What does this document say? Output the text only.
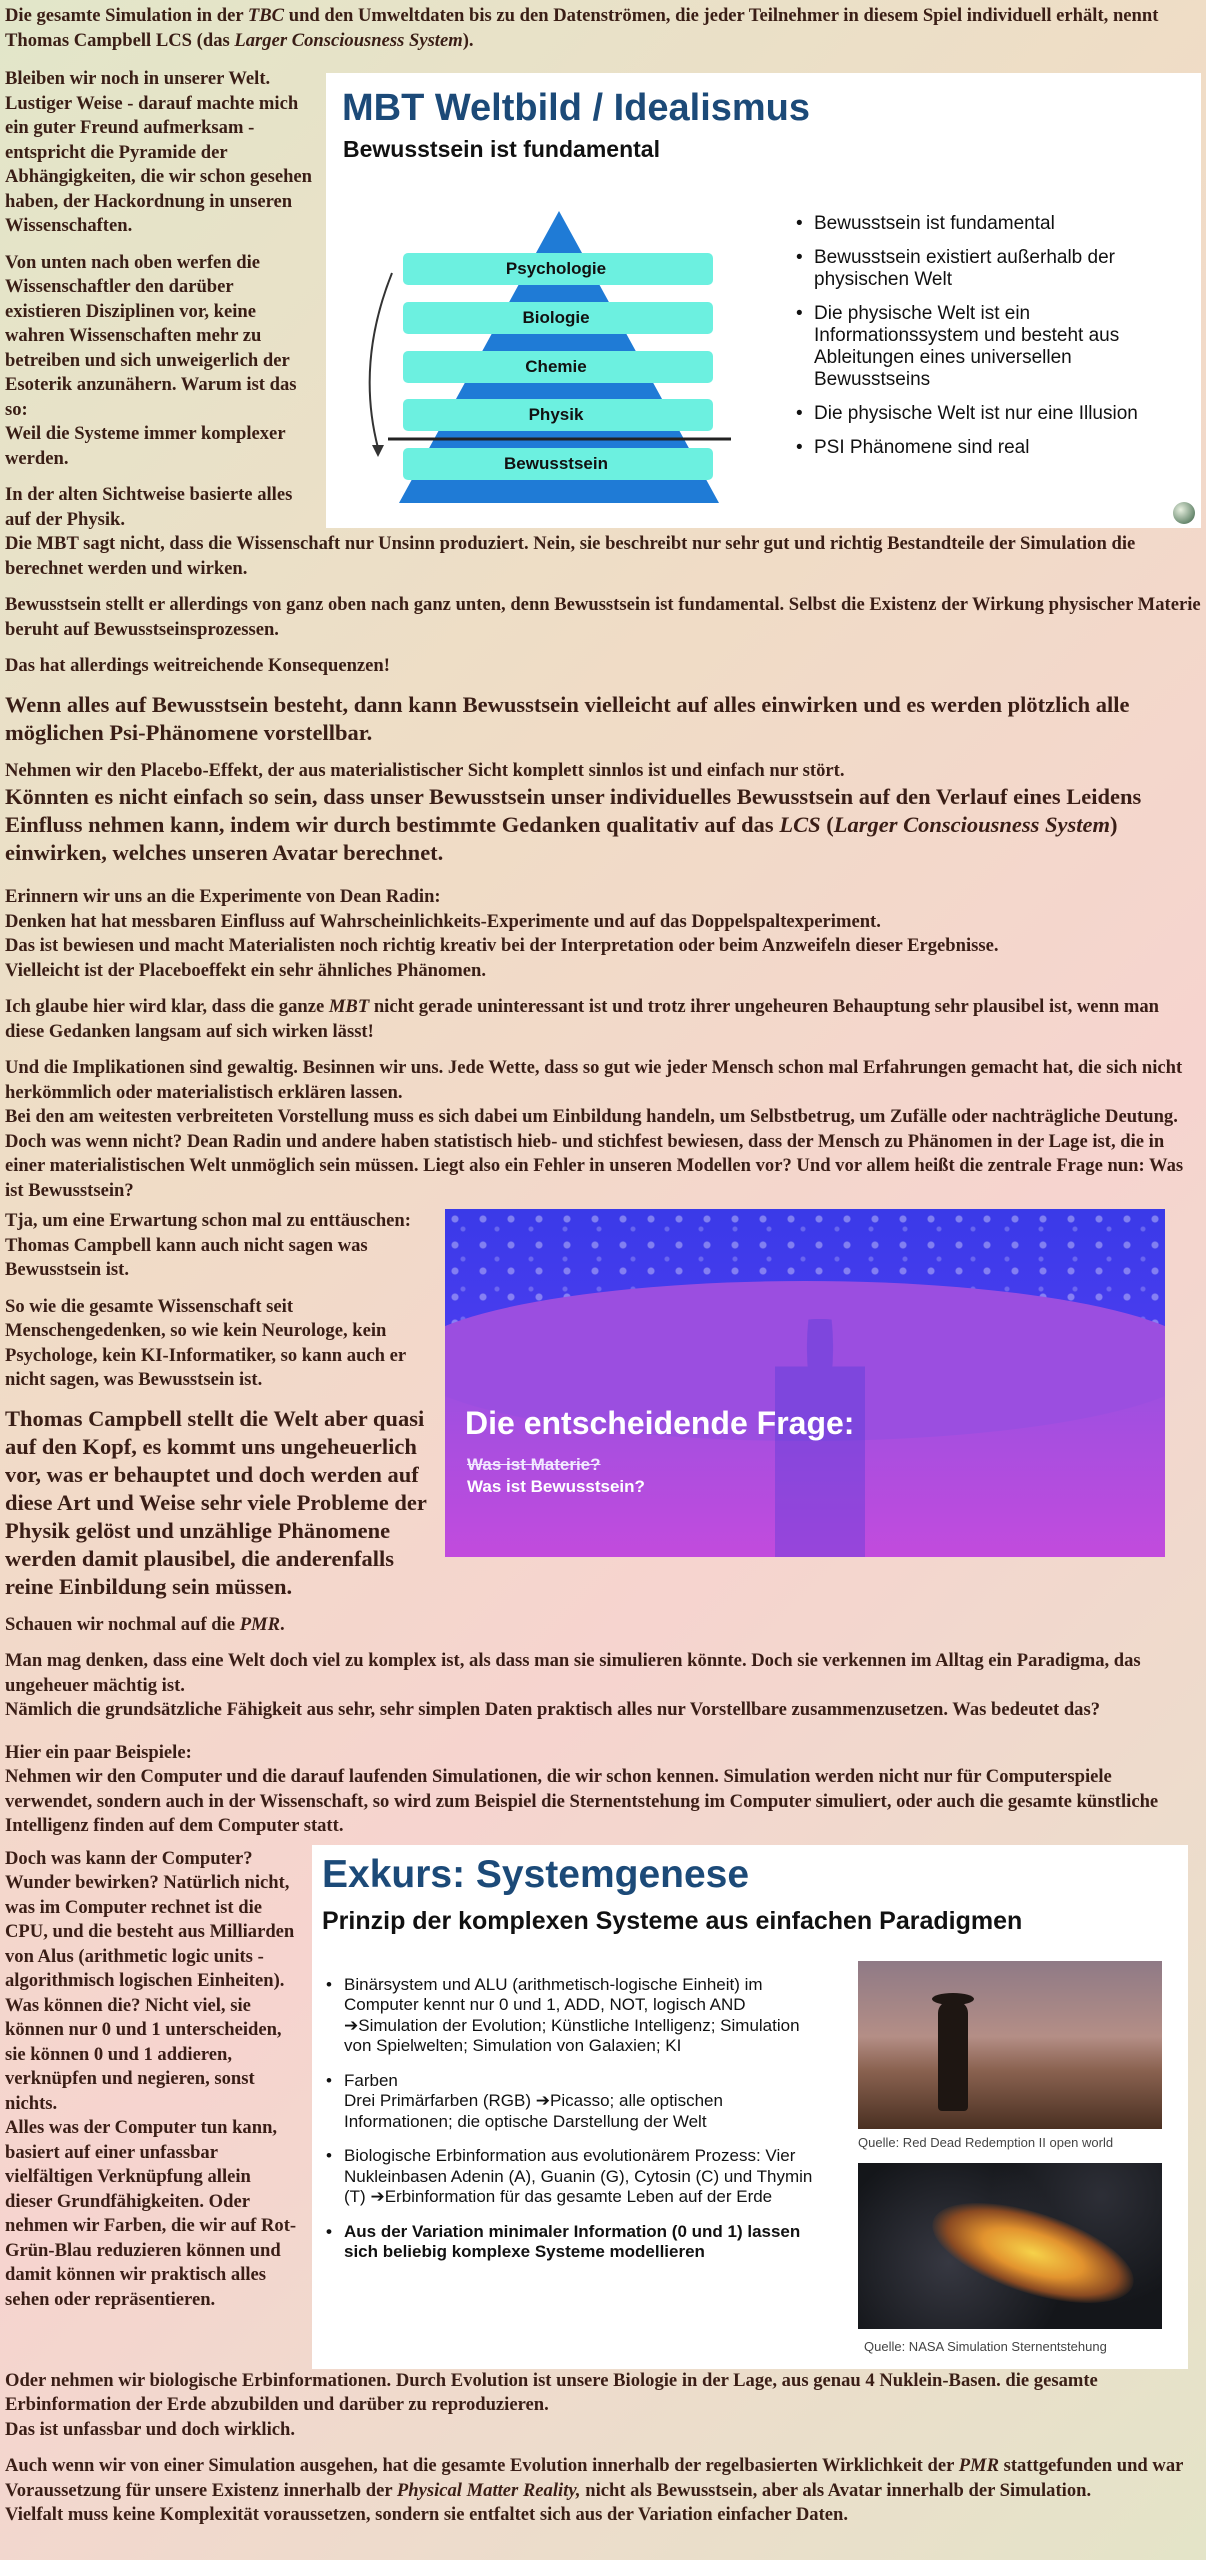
Die gesamte Simulation in der TBC und den Umweltdaten bis zu den Datenströmen, die jeder Teilnehmer in diesem Spiel individuell erhält, nennt Thomas Campbell LCS (das Larger Consciousness System).

MBT Weltbild / Idealismus
Bewusstsein ist fundamental
Psychologie
Biologie
Chemie
Physik
Bewusstsein
• Bewusstsein ist fundamental
• Bewusstsein existiert außerhalb der physischen Welt
• Die physische Welt ist ein Informationssystem und besteht aus Ableitungen eines universellen Bewusstseins
• Die physische Welt ist nur eine Illusion
• PSI Phänomene sind real

Bleiben wir noch in unserer Welt. Lustiger Weise - darauf machte mich ein guter Freund aufmerksam - entspricht die Pyramide der Abhängigkeiten, die wir schon gesehen haben, der Hackordnung in unseren Wissenschaften.

Von unten nach oben werfen die Wissenschaftler den darüber existieren Disziplinen vor, keine wahren Wissenschaften mehr zu betreiben und sich unweigerlich der Esoterik anzunähern. Warum ist das so:

Weil die Systeme immer komplexer werden.

In der alten Sichtweise basierte alles auf der Physik.

Die MBT sagt nicht, dass die Wissenschaft nur Unsinn produziert. Nein, sie beschreibt nur sehr gut und richtig Bestandteile der Simulation die berechnet werden und wirken.

Bewusstsein stellt er allerdings von ganz oben nach ganz unten, denn Bewusstsein ist fundamental. Selbst die Existenz der Wirkung physischer Materie beruht auf Bewusstseinsprozessen.

Das hat allerdings weitreichende Konsequenzen!

Wenn alles auf Bewusstsein besteht, dann kann Bewusstsein vielleicht auf alles einwirken und es werden plötzlich alle möglichen Psi-Phänomene vorstellbar.

Nehmen wir den Placebo-Effekt, der aus materialistischer Sicht komplett sinnlos ist und einfach nur stört.

Könnten es nicht einfach so sein, dass unser Bewusstsein unser individuelles Bewusstsein auf den Verlauf eines Leidens Einfluss nehmen kann, indem wir durch bestimmte Gedanken qualitativ auf das LCS (Larger Consciousness System) einwirken, welches unseren Avatar berechnet.

Erinnern wir uns an die Experimente von Dean Radin:

Denken hat hat messbaren Einfluss auf Wahrscheinlichkeits-Experimente und auf das Doppelspaltexperiment.

Das ist bewiesen und macht Materialisten noch richtig kreativ bei der Interpretation oder beim Anzweifeln dieser Ergebnisse.

Vielleicht ist der Placeboeffekt ein sehr ähnliches Phänomen.

Ich glaube hier wird klar, dass die ganze MBT nicht gerade uninteressant ist und trotz ihrer ungeheuren Behauptung sehr plausibel ist, wenn man diese Gedanken langsam auf sich wirken lässt!

Und die Implikationen sind gewaltig. Besinnen wir uns. Jede Wette, dass so gut wie jeder Mensch schon mal Erfahrungen gemacht hat, die sich nicht herkömmlich oder materialistisch erklären lassen.

Bei den am weitesten verbreiteten Vorstellung muss es sich dabei um Einbildung handeln, um Selbstbetrug, um Zufälle oder nachträgliche Deutung.

Doch was wenn nicht? Dean Radin und andere haben statistisch hieb- und stichfest bewiesen, dass der Mensch zu Phänomen in der Lage ist, die in einer materialistischen Welt unmöglich sein müssen. Liegt also ein Fehler in unseren Modellen vor? Und vor allem heißt die zentrale Frage nun: Was ist Bewusstsein?

Die entscheidende Frage:
Was ist Materie?
Was ist Bewusstsein?

Tja, um eine Erwartung schon mal zu enttäuschen: Thomas Campbell kann auch nicht sagen was Bewusstsein ist.

So wie die gesamte Wissenschaft seit Menschengedenken, so wie kein Neurologe, kein Psychologe, kein KI-Informatiker, so kann auch er nicht sagen, was Bewusstsein ist.

Thomas Campbell stellt die Welt aber quasi auf den Kopf, es kommt uns ungeheuerlich vor, was er behauptet und doch werden auf diese Art und Weise sehr viele Probleme der Physik gelöst und unzählige Phänomene werden damit plausibel, die anderenfalls reine Einbildung sein müssen.

Schauen wir nochmal auf die PMR.

Man mag denken, dass eine Welt doch viel zu komplex ist, als dass man sie simulieren könnte. Doch sie verkennen im Alltag ein Paradigma, das ungeheuer mächtig ist.

Nämlich die grundsätzliche Fähigkeit aus sehr, sehr simplen Daten praktisch alles nur Vorstellbare zusammenzusetzen. Was bedeutet das?

Hier ein paar Beispiele:

Nehmen wir den Computer und die darauf laufenden Simulationen, die wir schon kennen. Simulation werden nicht nur für Computerspiele verwendet, sondern auch in der Wissenschaft, so wird zum Beispiel die Sternentstehung im Computer simuliert, oder auch die gesamte künstliche Intelligenz finden auf dem Computer statt.

Exkurs: Systemgenese
Prinzip der komplexen Systeme aus einfachen Paradigmen
• Binärsystem und ALU (arithmetisch-logische Einheit) im Computer kennt nur 0 und 1, ADD, NOT, logisch AND ➔Simulation der Evolution; Künstliche Intelligenz; Simulation von Spielwelten; Simulation von Galaxien; KI
• Farben
Drei Primärfarben (RGB) ➔Picasso; alle optischen Informationen; die optische Darstellung der Welt
• Biologische Erbinformation aus evolutionärem Prozess: Vier Nukleinbasen Adenin (A), Guanin (G), Cytosin (C) und Thymin (T) ➔Erbinformation für das gesamte Leben auf der Erde
• Aus der Variation minimaler Information (0 und 1) lassen sich beliebig komplexe Systeme modellieren
Quelle: Red Dead Redemption II open world
Quelle: NASA Simulation Sternentstehung

Doch was kann der Computer? Wunder bewirken? Natürlich nicht, was im Computer rechnet ist die CPU, und die besteht aus Milliarden von Alus (arithmetic logic units - algorithmisch logischen Einheiten).

Was können die? Nicht viel, sie können nur 0 und 1 unterscheiden, sie können 0 und 1 addieren, verknüpfen und negieren, sonst nichts.

Alles was der Computer tun kann, basiert auf einer unfassbar vielfältigen Verknüpfung allein dieser Grundfähigkeiten. Oder nehmen wir Farben, die wir auf Rot-Grün-Blau reduzieren können und damit können wir praktisch alles sehen oder repräsentieren.

Oder nehmen wir biologische Erbinformationen. Durch Evolution ist unsere Biologie in der Lage, aus genau 4 Nuklein-Basen. die gesamte Erbinformation der Erde abzubilden und darüber zu reproduzieren.

Das ist unfassbar und doch wirklich.

Auch wenn wir von einer Simulation ausgehen, hat die gesamte Evolution innerhalb der regelbasierten Wirklichkeit der PMR stattgefunden und war Voraussetzung für unsere Existenz innerhalb der Physical Matter Reality, nicht als Bewusstsein, aber als Avatar innerhalb der Simulation.

Vielfalt muss keine Komplexität voraussetzen, sondern sie entfaltet sich aus der Variation einfacher Daten.
